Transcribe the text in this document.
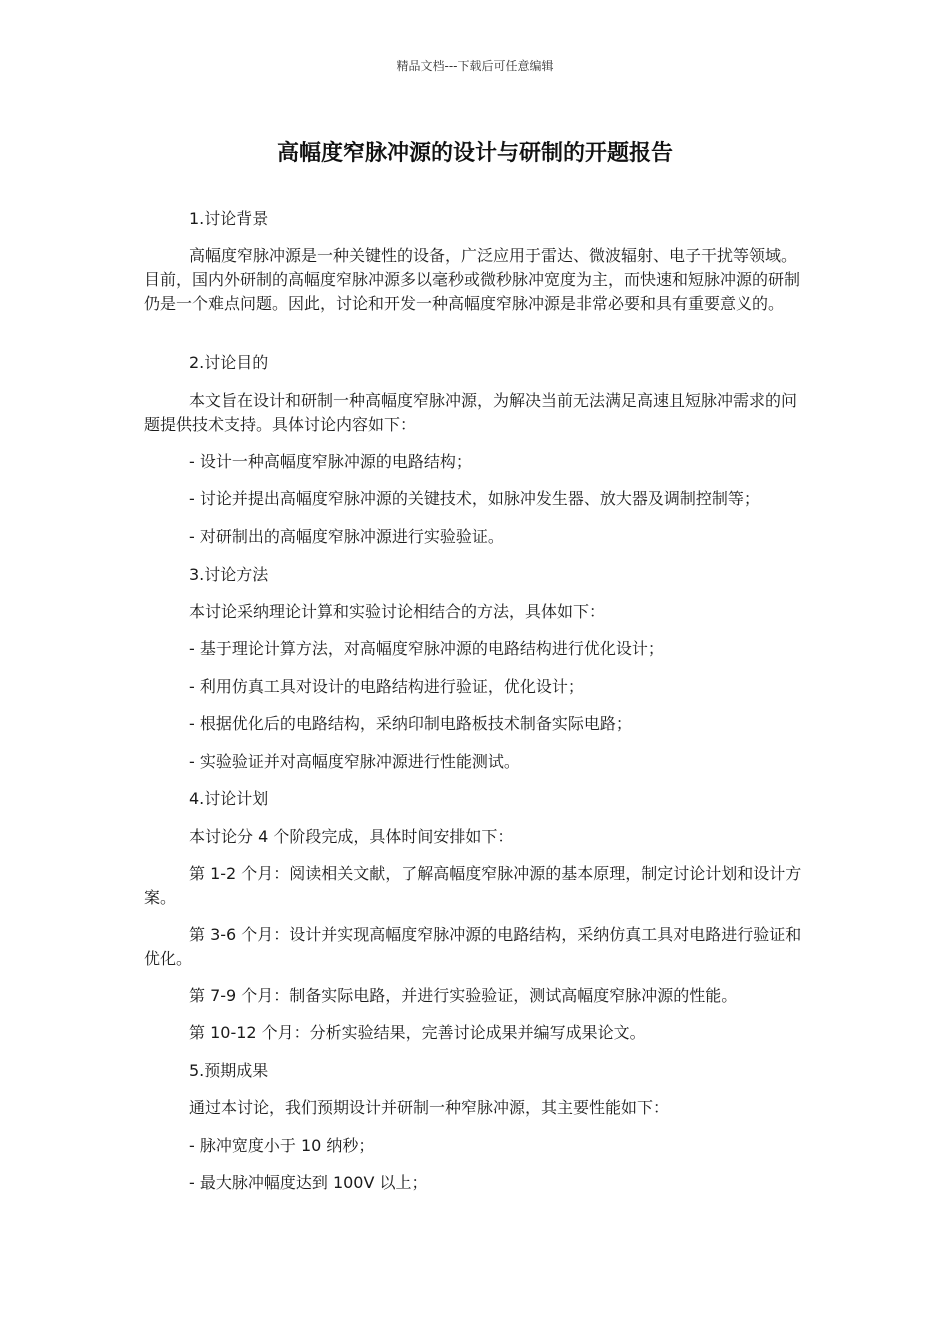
精品文档---下载后可任意编辑
高幅度窄脉冲源的设计与研制的开题报告

1.讨论背景

高幅度窄脉冲源是一种关键性的设备，广泛应用于雷达、微波辐射、电子干扰等领域。目前，国内外研制的高幅度窄脉冲源多以毫秒或微秒脉冲宽度为主，而快速和短脉冲源的研制仍是一个难点问题。因此，讨论和开发一种高幅度窄脉冲源是非常必要和具有重要意义的。

2.讨论目的

本文旨在设计和研制一种高幅度窄脉冲源，为解决当前无法满足高速且短脉冲需求的问题提供技术支持。具体讨论内容如下：

- 设计一种高幅度窄脉冲源的电路结构；

- 讨论并提出高幅度窄脉冲源的关键技术，如脉冲发生器、放大器及调制控制等；

- 对研制出的高幅度窄脉冲源进行实验验证。

3.讨论方法

本讨论采纳理论计算和实验讨论相结合的方法，具体如下：

- 基于理论计算方法，对高幅度窄脉冲源的电路结构进行优化设计；

- 利用仿真工具对设计的电路结构进行验证，优化设计；

- 根据优化后的电路结构，采纳印制电路板技术制备实际电路；

- 实验验证并对高幅度窄脉冲源进行性能测试。

4.讨论计划

本讨论分 4 个阶段完成，具体时间安排如下：

第 1-2 个月：阅读相关文献，了解高幅度窄脉冲源的基本原理，制定讨论计划和设计方案。

第 3-6 个月：设计并实现高幅度窄脉冲源的电路结构，采纳仿真工具对电路进行验证和优化。

第 7-9 个月：制备实际电路，并进行实验验证，测试高幅度窄脉冲源的性能。

第 10-12 个月：分析实验结果，完善讨论成果并编写成果论文。

5.预期成果

通过本讨论，我们预期设计并研制一种窄脉冲源，其主要性能如下：

- 脉冲宽度小于 10 纳秒；

- 最大脉冲幅度达到 100V 以上；
